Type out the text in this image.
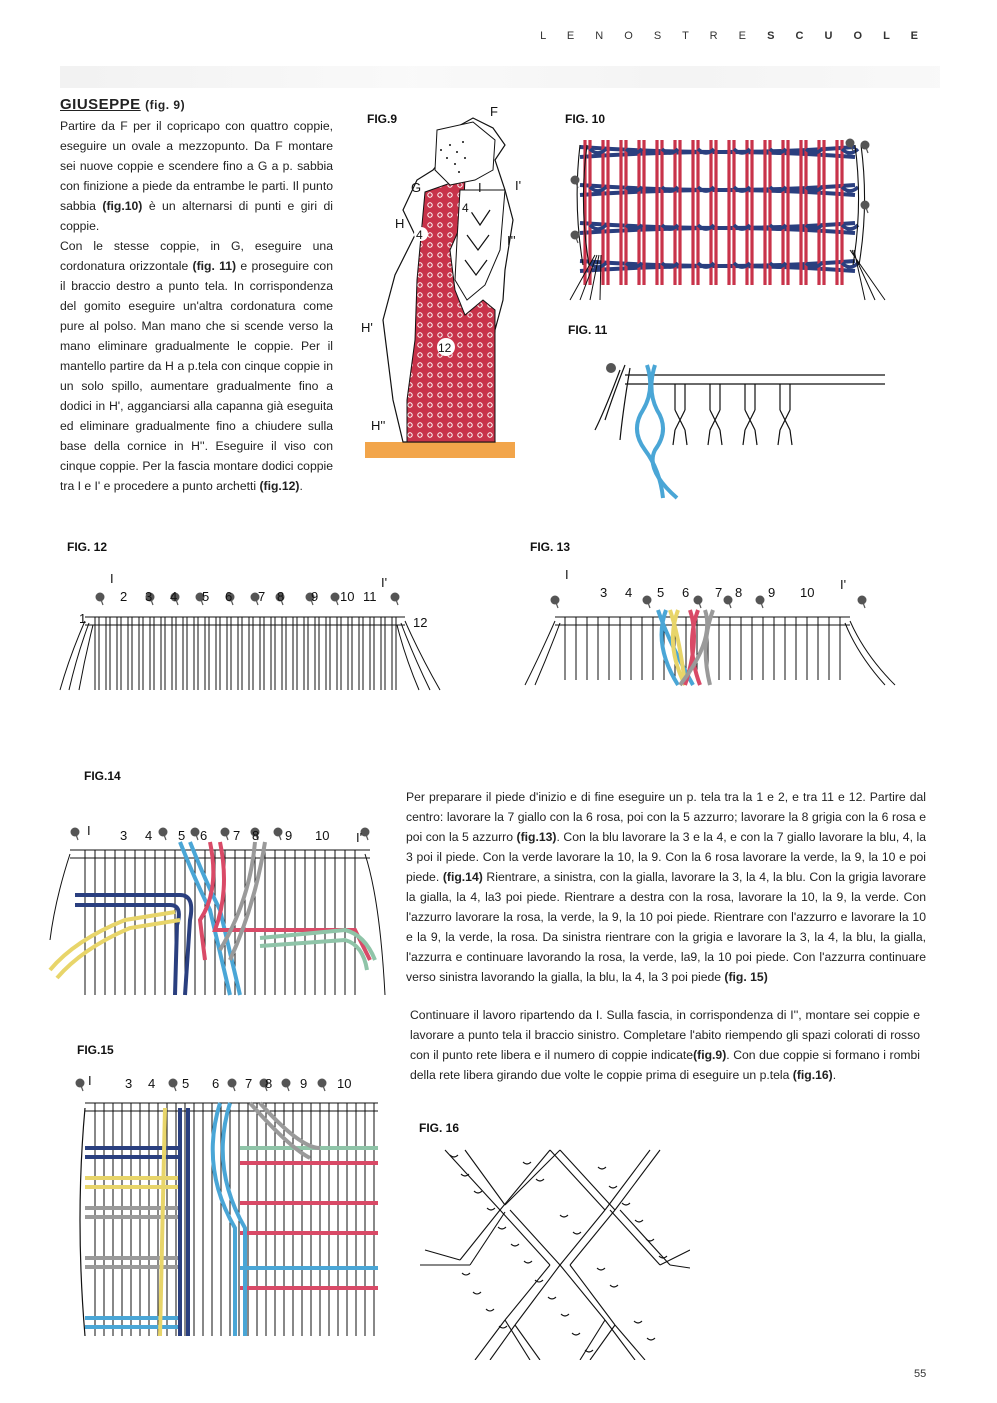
L E N O S T R E S C U O L E
GIUSEPPE (fig. 9)

Partire da F per il copricapo con quattro coppie, eseguire un ovale a mezzopunto. Da F montare sei nuove coppie e scendere fino a G a p. sabbia con finizione a piede da entrambe le parti. Il punto sabbia (fig.10) è un alternarsi di punti e giri di coppie.

Con le stesse coppie, in G, eseguire una cordonatura orizzontale (fig. 11) e proseguire con il braccio destro a punto tela. In corrispondenza del gomito eseguire un'altra cordonatura come pure al polso. Man mano che si scende verso la mano eliminare gradualmente le coppie. Per il mantello partire da H a p.tela con cinque coppie in un solo spillo, aumentare gradualmente fino a dodici in H', agganciarsi alla capanna già eseguita ed eliminare gradualmente fino a chiudere sulla base della cornice in H''. Eseguire il viso con cinque coppie. Per la fascia montare dodici coppie tra I e I' e procedere a punto archetti (fig.12).

Per preparare il piede d'inizio e di fine eseguire un p. tela tra la 1 e 2, e tra 11 e 12. Partire dal centro: lavorare la 7 giallo con la 6 rosa, poi con la 5 azzurro; lavorare la 8 grigia con la 6 rosa e poi con la 5 azzurro (fig.13). Con la blu lavorare la 3 e la 4, e con la 7 giallo lavorare la blu, 4, la 3 poi il piede. Con la verde lavorare la 10, la 9. Con la 6 rosa lavorare la verde, la 9, la 10 e poi piede. (fig.14) Rientrare, a sinistra, con la gialla, lavorare la 3, la 4, la blu. Con la grigia lavorare la gialla, la 4, la3 poi piede. Rientrare a destra con la rosa, lavorare la 10, la 9, la verde. Con l'azzurro lavorare la rosa, la verde, la 9, la 10 poi piede. Rientrare con l'azzurro e lavorare la 10 e la 9, la verde, la rosa. Da sinistra rientrare con la grigia e lavorare la 3, la 4, la blu, la gialla, l'azzurra e continuare lavorando la rosa, la verde, la9, la 10 poi piede. Con l'azzurra continuare verso sinistra lavorando la gialla, la blu, la 4, la 3 poi piede (fig. 15)
Continuare il lavoro ripartendo da I. Sulla fascia, in corrispondenza di I'', montare sei coppie e lavorare a punto tela il braccio sinistro. Completare l'abito riempendo gli spazi colorati di rosso con il punto rete libera e il numero di coppie indicate(fig.9). Con due coppie si formano i rombi della rete libera girando due volte le coppie prima di eseguire un p.tela (fig.16).
FIG.9	FIG. 10
FIG. 11
FIG. 12	FIG. 13
FIG.14
FIG.15
FIG. 16
F
G	I	I'
H
I''
H'
H''
4
4
12
I	I'
1
2 3 4 5 6 7 8 9 10 11
12
I
I'
3 4 5 6 7 8 9 10
I	I'
3 4 5 6 7 8 9 10
I	3 4 5 6 7 8 9 10
55
